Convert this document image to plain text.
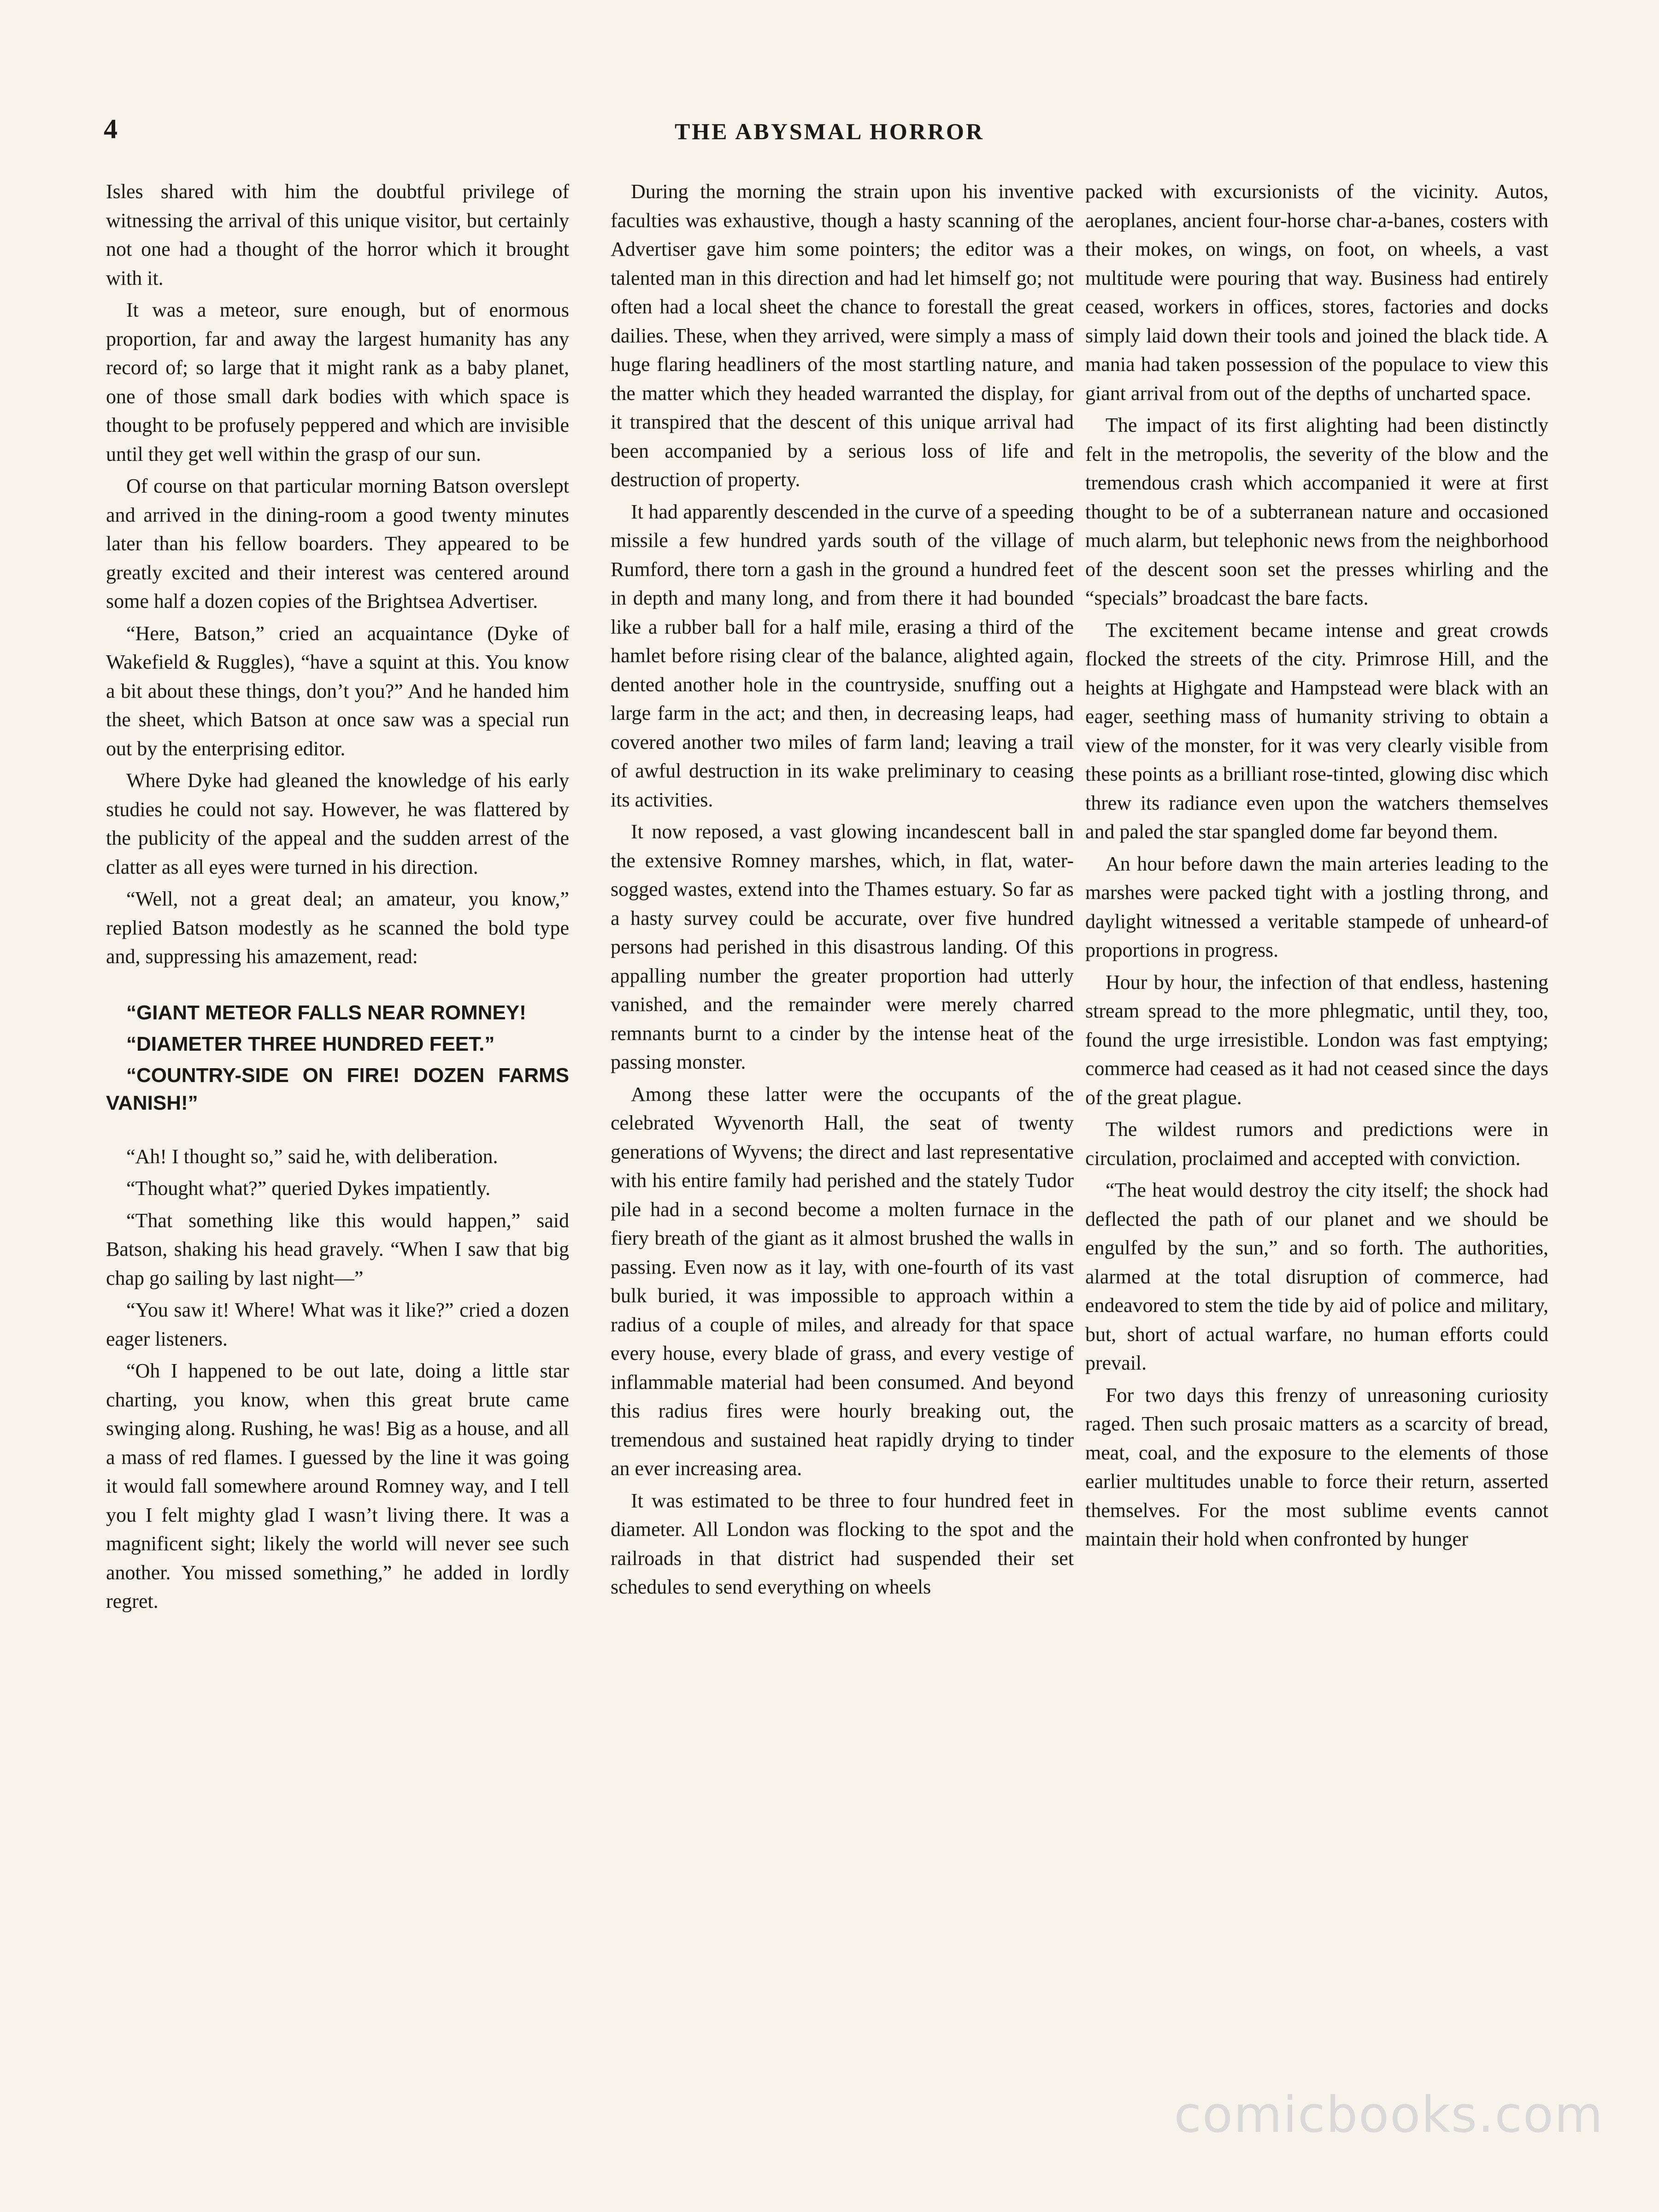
4	THE ABYSMAL HORROR

Isles shared with him the doubtful privilege of witnessing the arrival of this unique visitor, but certainly not one had a thought of the horror which it brought with it.

It was a meteor, sure enough, but of enormous proportion, far and away the largest humanity has any record of; so large that it might rank as a baby planet, one of those small dark bodies with which space is thought to be profusely peppered and which are invisible until they get well within the grasp of our sun.

Of course on that particular morning Batson overslept and arrived in the dining-room a good twenty minutes later than his fellow boarders. They appeared to be greatly excited and their interest was centered around some half a dozen copies of the Brightsea Advertiser.

“Here, Batson,” cried an acquaintance (Dyke of Wakefield & Ruggles), “have a squint at this. You know a bit about these things, don’t you?” And he handed him the sheet, which Batson at once saw was a special run out by the enterprising editor.

Where Dyke had gleaned the knowledge of his early studies he could not say. However, he was flattered by the publicity of the appeal and the sudden arrest of the clatter as all eyes were turned in his direction.

“Well, not a great deal; an amateur, you know,” replied Batson modestly as he scanned the bold type and, suppressing his amazement, read:

“GIANT METEOR FALLS NEAR ROMNEY!

“DIAMETER THREE HUNDRED FEET.”

“COUNTRY-SIDE ON FIRE! DOZEN FARMS VANISH!”

“Ah! I thought so,” said he, with deliberation.

“Thought what?” queried Dykes impatiently.

“That something like this would happen,” said Batson, shaking his head gravely. “When I saw that big chap go sailing by last night—”

“You saw it! Where! What was it like?” cried a dozen eager listeners.

“Oh I happened to be out late, doing a little star charting, you know, when this great brute came swinging along. Rushing, he was! Big as a house, and all a mass of red flames. I guessed by the line it was going it would fall somewhere around Romney way, and I tell you I felt mighty glad I wasn’t living there. It was a magnificent sight; likely the world will never see such another. You missed something,” he added in lordly regret.

During the morning the strain upon his inventive faculties was exhaustive, though a hasty scanning of the Advertiser gave him some pointers; the editor was a talented man in this direction and had let himself go; not often had a local sheet the chance to forestall the great dailies. These, when they arrived, were simply a mass of huge flaring headliners of the most startling nature, and the matter which they headed warranted the display, for it transpired that the descent of this unique arrival had been accompanied by a serious loss of life and destruction of property.

It had apparently descended in the curve of a speeding missile a few hundred yards south of the village of Rumford, there torn a gash in the ground a hundred feet in depth and many long, and from there it had bounded like a rubber ball for a half mile, erasing a third of the hamlet before rising clear of the balance, alighted again, dented another hole in the countryside, snuffing out a large farm in the act; and then, in decreasing leaps, had covered another two miles of farm land; leaving a trail of awful destruction in its wake preliminary to ceasing its activities.

It now reposed, a vast glowing incandescent ball in the extensive Romney marshes, which, in flat, water-sogged wastes, extend into the Thames estuary. So far as a hasty survey could be accurate, over five hundred persons had perished in this disastrous landing. Of this appalling number the greater proportion had utterly vanished, and the remainder were merely charred remnants burnt to a cinder by the intense heat of the passing monster.

Among these latter were the occupants of the celebrated Wyvenorth Hall, the seat of twenty generations of Wyvens; the direct and last representative with his entire family had perished and the stately Tudor pile had in a second become a molten furnace in the fiery breath of the giant as it almost brushed the walls in passing. Even now as it lay, with one-fourth of its vast bulk buried, it was impossible to approach within a radius of a couple of miles, and already for that space every house, every blade of grass, and every vestige of inflammable material had been consumed. And beyond this radius fires were hourly breaking out, the tremendous and sustained heat rapidly drying to tinder an ever increasing area.

It was estimated to be three to four hundred feet in diameter. All London was flocking to the spot and the railroads in that district had suspended their set schedules to send everything on wheels

packed with excursionists of the vicinity. Autos, aeroplanes, ancient four-horse char-a-banes, costers with their mokes, on wings, on foot, on wheels, a vast multitude were pouring that way. Business had entirely ceased, workers in offices, stores, factories and docks simply laid down their tools and joined the black tide. A mania had taken possession of the populace to view this giant arrival from out of the depths of uncharted space.

The impact of its first alighting had been distinctly felt in the metropolis, the severity of the blow and the tremendous crash which accompanied it were at first thought to be of a subterranean nature and occasioned much alarm, but telephonic news from the neighborhood of the descent soon set the presses whirling and the “specials” broadcast the bare facts.

The excitement became intense and great crowds flocked the streets of the city. Primrose Hill, and the heights at Highgate and Hampstead were black with an eager, seething mass of humanity striving to obtain a view of the monster, for it was very clearly visible from these points as a brilliant rose-tinted, glowing disc which threw its radiance even upon the watchers themselves and paled the star spangled dome far beyond them.

An hour before dawn the main arteries leading to the marshes were packed tight with a jostling throng, and daylight witnessed a veritable stampede of unheard-of proportions in progress.

Hour by hour, the infection of that endless, hastening stream spread to the more phlegmatic, until they, too, found the urge irresistible. London was fast emptying; commerce had ceased as it had not ceased since the days of the great plague.

The wildest rumors and predictions were in circulation, proclaimed and accepted with conviction.

“The heat would destroy the city itself; the shock had deflected the path of our planet and we should be engulfed by the sun,” and so forth. The authorities, alarmed at the total disruption of commerce, had endeavored to stem the tide by aid of police and military, but, short of actual warfare, no human efforts could prevail.

For two days this frenzy of unreasoning curiosity raged. Then such prosaic matters as a scarcity of bread, meat, coal, and the exposure to the elements of those earlier multitudes unable to force their return, asserted themselves. For the most sublime events cannot maintain their hold when confronted by hunger

comicbooks.com
